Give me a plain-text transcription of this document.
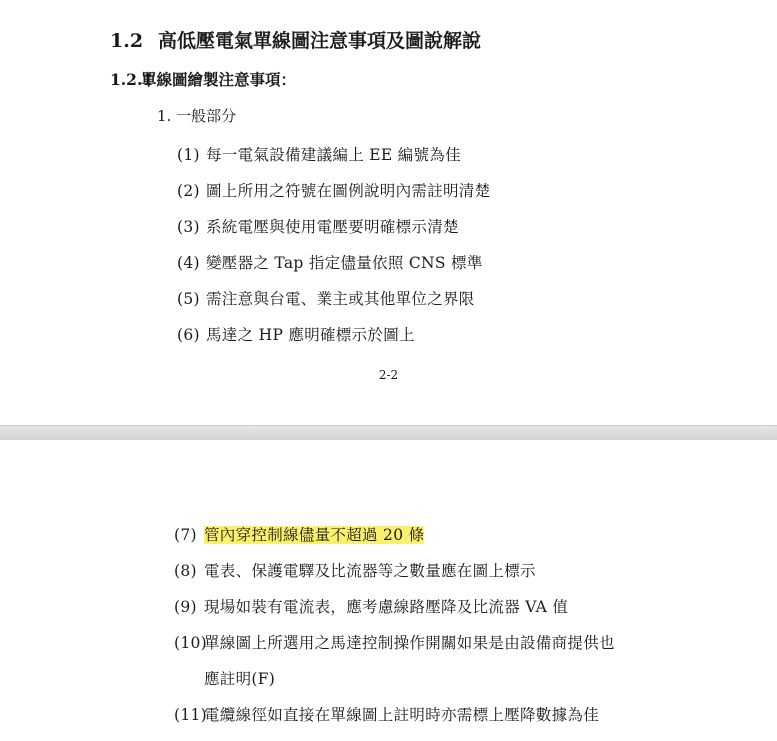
1.2 高低壓電氣單線圖注意事項及圖說解說
1.2.1單線圖繪製注意事項：
1. 一般部分
(1) 每一電氣設備建議編上 EE 編號為佳
(2) 圖上所用之符號在圖例說明內需註明清楚
(3) 系統電壓與使用電壓要明確標示清楚
(4) 變壓器之 Tap 指定儘量依照 CNS 標準
(5) 需注意與台電、業主或其他單位之界限
(6) 馬達之 HP 應明確標示於圖上
2-2
(7) 管內穿控制線儘量不超過 20 條
(8) 電表、保護電驛及比流器等之數量應在圖上標示
(9) 現場如裝有電流表，應考慮線路壓降及比流器 VA 值
(10)單線圖上所選用之馬達控制操作開關如果是由設備商提供也
應註明(F)
(11)電纜線徑如直接在單線圖上註明時亦需標上壓降數據為佳
